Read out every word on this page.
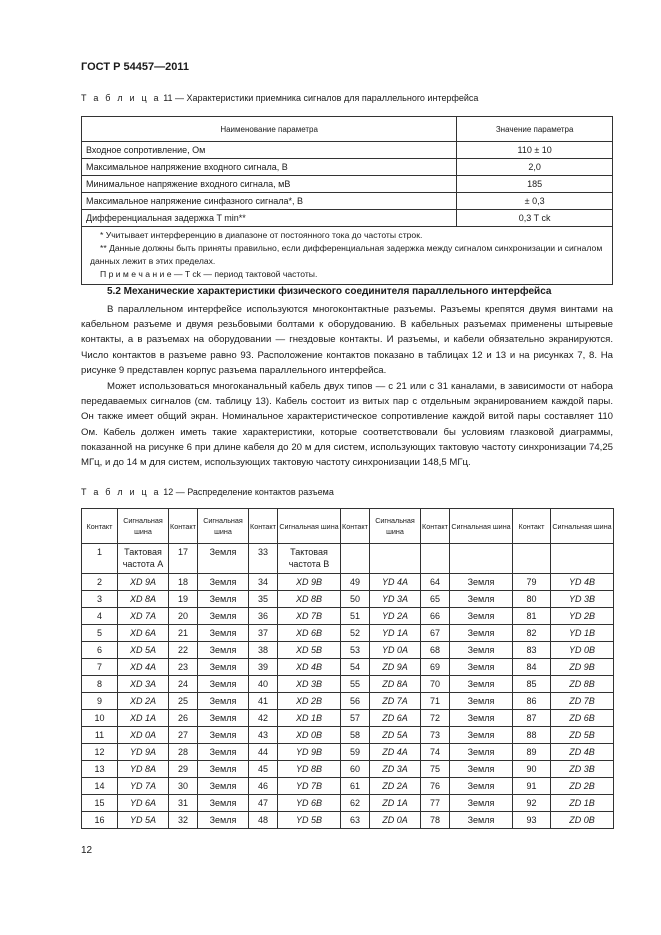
ГОСТ Р 54457—2011
Т а б л и ц а 11 — Характеристики приемника сигналов для параллельного интерфейса
Наименование параметра	Значение параметра
Входное сопротивление, Ом	110 ± 10
Максимальное напряжение входного сигнала, В	2,0
Минимальное напряжение входного сигнала, мВ	185
Максимальное напряжение синфазного сигнала*, В	± 0,3
Дифференциальная задержка T min**	0,3 T ck

* Учитывает интерференцию в диапазоне от постоянного тока до частоты строк.
** Данные должны быть приняты правильно, если дифференциальная задержка между сигналом синхронизации и сигналом данных лежит в этих пределах.
П р и м е ч а н и е — T ck — период тактовой частоты.	
5.2 Механические характеристики физического соединителя параллельного интерфейса

В параллельном интерфейсе используются многоконтактные разъемы. Разъемы крепятся двумя винтами на кабельном разъеме и двумя резьбовыми болтами к оборудованию. В кабельных разъемах применены штыревые контакты, а в разъемах на оборудовании — гнездовые контакты. И разъемы, и кабели обязательно экранируются. Число контактов в разъеме равно 93. Расположение контактов показано в таблицах 12 и 13 и на рисунках 7, 8. На рисунке 9 представлен корпус разъема параллельного интерфейса.

Может использоваться многоканальный кабель двух типов — с 21 или с 31 каналами, в зависимости от набора передаваемых сигналов (см. таблицу 13). Кабель состоит из витых пар с отдельным экранированием каждой пары. Он также имеет общий экран. Номинальное характеристическое сопротивление каждой витой пары составляет 110 Ом. Кабель должен иметь такие характеристики, которые соответствовали бы условиям глазковой диаграммы, показанной на рисунке 6 при длине кабеля до 20 м для систем, использующих тактовую частоту синхронизации 74,25 МГц, и до 14 м для систем, использующих тактовую частоту синхронизации 148,5 МГц.

Т а б л и ц а 12 — Распределение контактов разъема
Контакт	Сигнальная шина	Контакт	Сигнальная шина	Контакт	Сигнальная шина	Контакт	Сигнальная шина	Контакт	Сигнальная шина	Контакт	Сигнальная шина
1	Тактовая частота A	17	Земля	33	Тактовая частота B						
2	XD 9A	18	Земля	34	XD 9B	49	YD 4A	64	Земля	79	YD 4B
3	XD 8A	19	Земля	35	XD 8B	50	YD 3A	65	Земля	80	YD 3B
4	XD 7A	20	Земля	36	XD 7B	51	YD 2A	66	Земля	81	YD 2B
5	XD 6A	21	Земля	37	XD 6B	52	YD 1A	67	Земля	82	YD 1B
6	XD 5A	22	Земля	38	XD 5B	53	YD 0A	68	Земля	83	YD 0B
7	XD 4A	23	Земля	39	XD 4B	54	ZD 9A	69	Земля	84	ZD 9B
8	XD 3A	24	Земля	40	XD 3B	55	ZD 8A	70	Земля	85	ZD 8B
9	XD 2A	25	Земля	41	XD 2B	56	ZD 7A	71	Земля	86	ZD 7B
10	XD 1A	26	Земля	42	XD 1B	57	ZD 6A	72	Земля	87	ZD 6B
11	XD 0A	27	Земля	43	XD 0B	58	ZD 5A	73	Земля	88	ZD 5B
12	YD 9A	28	Земля	44	YD 9B	59	ZD 4A	74	Земля	89	ZD 4B
13	YD 8A	29	Земля	45	YD 8B	60	ZD 3A	75	Земля	90	ZD 3B
14	YD 7A	30	Земля	46	YD 7B	61	ZD 2A	76	Земля	91	ZD 2B
15	YD 6A	31	Земля	47	YD 6B	62	ZD 1A	77	Земля	92	ZD 1B
16	YD 5A	32	Земля	48	YD 5B	63	ZD 0A	78	Земля	93	ZD 0B
12
